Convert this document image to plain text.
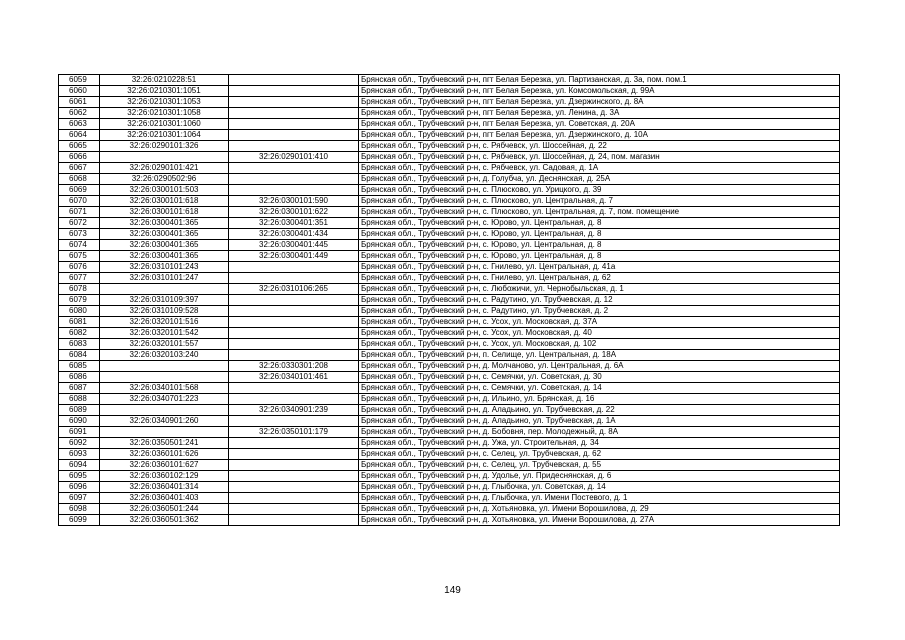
6059	32:26:0210228:51		Брянская обл., Трубчевский р-н, пгт Белая Березка, ул. Партизанская, д. 3а, пом. пом.1
6060	32:26:0210301:1051		Брянская обл., Трубчевский р-н, пгт Белая Березка, ул. Комсомольская, д. 99А
6061	32:26:0210301:1053		Брянская обл., Трубчевский р-н, пгт Белая Березка, ул. Дзержинского, д. 8А
6062	32:26:0210301:1058		Брянская обл., Трубчевский р-н, пгт Белая Березка, ул. Ленина, д. 3А
6063	32:26:0210301:1060		Брянская обл., Трубчевский р-н, пгт Белая Березка, ул. Советская, д. 20А
6064	32:26:0210301:1064		Брянская обл., Трубчевский р-н, пгт Белая Березка, ул. Дзержинского, д. 10А
6065	32:26:0290101:326		Брянская обл., Трубчевский р-н, с. Рябчевск, ул. Шоссейная, д. 22
6066		32:26:0290101:410	Брянская обл., Трубчевский р-н, с. Рябчевск, ул. Шоссейная, д. 24, пом. магазин
6067	32:26:0290101:421		Брянская обл., Трубчевский р-н, с. Рябчевск, ул. Садовая, д. 1А
6068	32:26:0290502:96		Брянская обл., Трубчевский р-н, д. Голубча, ул. Деснянская, д. 25А
6069	32:26:0300101:503		Брянская обл., Трубчевский р-н, с. Плюсково, ул. Урицкого, д. 39
6070	32:26:0300101:618	32:26:0300101:590	Брянская обл., Трубчевский р-н, с. Плюсково, ул. Центральная, д. 7
6071	32:26:0300101:618	32:26:0300101:622	Брянская обл., Трубчевский р-н, с. Плюсково, ул. Центральная, д. 7, пом. помещение
6072	32:26:0300401:365	32:26:0300401:351	Брянская обл., Трубчевский р-н, с. Юрово, ул. Центральная, д. 8
6073	32:26:0300401:365	32:26:0300401:434	Брянская обл., Трубчевский р-н, с. Юрово, ул. Центральная, д. 8
6074	32:26:0300401:365	32:26:0300401:445	Брянская обл., Трубчевский р-н, с. Юрово, ул. Центральная, д. 8
6075	32:26:0300401:365	32:26:0300401:449	Брянская обл., Трубчевский р-н, с. Юрово, ул. Центральная, д. 8
6076	32:26:0310101:243		Брянская обл., Трубчевский р-н, с. Гнилево, ул. Центральная, д. 41а
6077	32:26:0310101:247		Брянская обл., Трубчевский р-н, с. Гнилево, ул. Центральная, д. 62
6078		32:26:0310106:265	Брянская обл., Трубчевский р-н, с. Любожичи, ул. Чернобыльская, д. 1
6079	32:26:0310109:397		Брянская обл., Трубчевский р-н, с. Радутино, ул. Трубчевская, д. 12
6080	32:26:0310109:528		Брянская обл., Трубчевский р-н, с. Радутино, ул. Трубчевская, д. 2
6081	32:26:0320101:516		Брянская обл., Трубчевский р-н, с. Усох, ул. Московская, д. 37А
6082	32:26:0320101:542		Брянская обл., Трубчевский р-н, с. Усох, ул. Московская, д. 40
6083	32:26:0320101:557		Брянская обл., Трубчевский р-н, с. Усох, ул. Московская, д. 102
6084	32:26:0320103:240		Брянская обл., Трубчевский р-н, п. Селище, ул. Центральная, д. 18А
6085		32:26:0330301:208	Брянская обл., Трубчевский р-н, д. Молчаново, ул. Центральная, д. 6А
6086		32:26:0340101:461	Брянская обл., Трубчевский р-н, с. Семячки, ул. Советская, д. 30
6087	32:26:0340101:568		Брянская обл., Трубчевский р-н, с. Семячки, ул. Советская, д. 14
6088	32:26:0340701:223		Брянская обл., Трубчевский р-н, д. Ильино, ул. Брянская, д. 16
6089		32:26:0340901:239	Брянская обл., Трубчевский р-н, д. Аладьино, ул. Трубчевская, д. 22
6090	32:26:0340901:260		Брянская обл., Трубчевский р-н, д. Аладьино, ул. Трубчевская, д. 1А
6091		32:26:0350101:179	Брянская обл., Трубчевский р-н, д. Бобовня, пер. Молодежный, д. 8А
6092	32:26:0350501:241		Брянская обл., Трубчевский р-н, д. Ужа, ул. Строительная, д. 34
6093	32:26:0360101:626		Брянская обл., Трубчевский р-н, с. Селец, ул. Трубчевская, д. 62
6094	32:26:0360101:627		Брянская обл., Трубчевский р-н, с. Селец, ул. Трубчевская, д. 55
6095	32:26:0360102:129		Брянская обл., Трубчевский р-н, д. Удолье, ул. Придеснянская, д. 6
6096	32:26:0360401:314		Брянская обл., Трубчевский р-н, д. Глыбочка, ул. Советская, д. 14
6097	32:26:0360401:403		Брянская обл., Трубчевский р-н, д. Глыбочка, ул. Имени Постевого, д. 1
6098	32:26:0360501:244		Брянская обл., Трубчевский р-н, д. Хотьяновка, ул. Имени Ворошилова, д. 29
6099	32:26:0360501:362		Брянская обл., Трубчевский р-н, д. Хотьяновка, ул. Имени Ворошилова, д. 27А
149
